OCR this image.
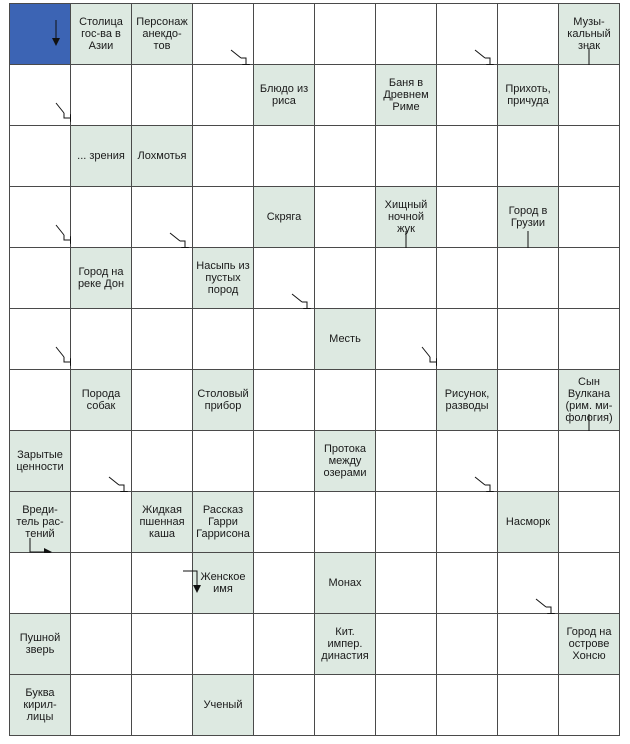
Столица
гос-ва в
Азии
Персонаж
анекдо-
тов
Музы-
кальный
знак
Блюдо из
риса
Баня в
Древнем
Риме
Прихоть,
причуда
... зрения	Лохмотья
Скряга
Хищный
ночной
жук
Город в
Грузии
Город на
реке Дон
Насыпь из
пустых
пород
Месть
Порода
собак
Столовый
прибор
Рисунок,
разводы
Сын
Вулкана
(рим. ми-
фология)
Зарытые
ценности
Протока
между
озерами
Вреди-
тель рас-
тений
Жидкая
пшенная
каша
Рассказ
Гарри
Гаррисона
Насморк
Женское
имя	Монах
Пушной
зверь
Кит.
импер.
династия
Город на
острове
Хонсю
Буква
кирил-
лицы
Ученый
